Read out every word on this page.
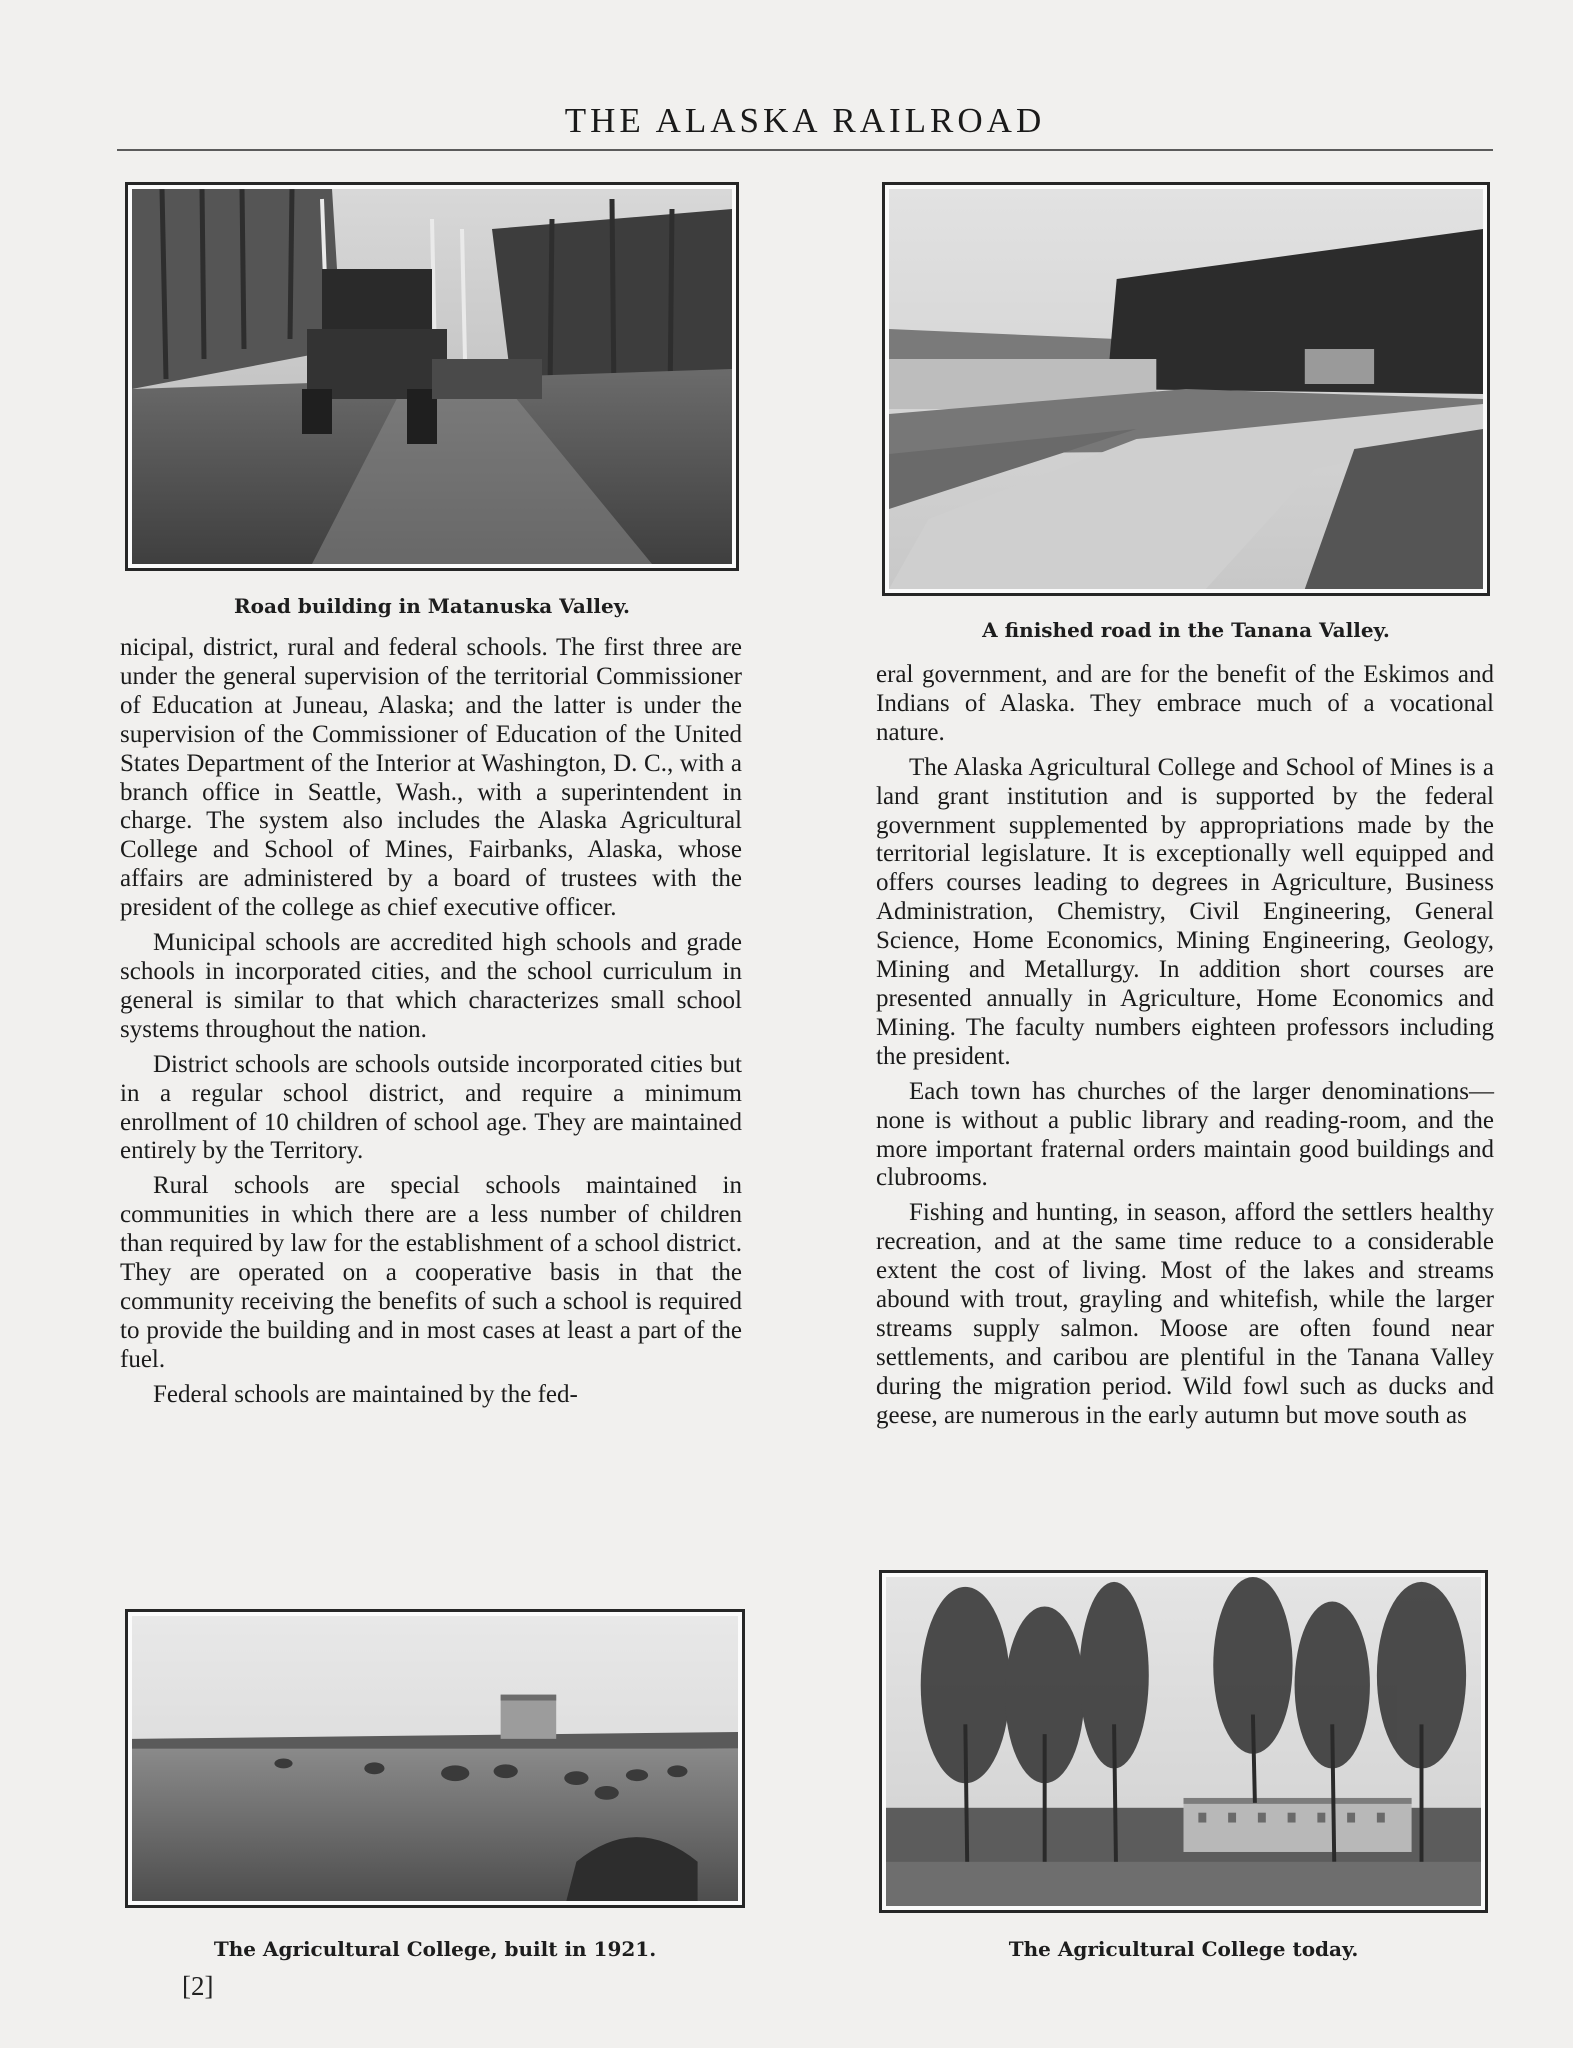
THE ALASKA RAILROAD
Road building in Matanuska Valley.
A finished road in the Tanana Valley.

nicipal, district, rural and federal schools. The first three are under the general supervision of the territorial Commissioner of Education at Juneau, Alaska; and the latter is under the supervision of the Commissioner of Education of the United States Department of the Interior at Washington, D. C., with a branch office in Seattle, Wash., with a superintendent in charge. The system also includes the Alaska Agricultural College and School of Mines, Fairbanks, Alaska, whose affairs are administered by a board of trustees with the president of the college as chief executive officer.

Municipal schools are accredited high schools and grade schools in incorporated cities, and the school curriculum in general is similar to that which characterizes small school systems throughout the nation.

District schools are schools outside incorporated cities but in a regular school district, and require a minimum enrollment of 10 children of school age. They are maintained entirely by the Territory.

Rural schools are special schools maintained in communities in which there are a less number of children than required by law for the establishment of a school district. They are operated on a cooperative basis in that the community receiving the benefits of such a school is required to provide the building and in most cases at least a part of the fuel.

Federal schools are maintained by the fed-

eral government, and are for the benefit of the Eskimos and Indians of Alaska. They embrace much of a vocational nature.

The Alaska Agricultural College and School of Mines is a land grant institution and is supported by the federal government supplemented by appropriations made by the territorial legislature. It is exceptionally well equipped and offers courses leading to degrees in Agriculture, Business Administration, Chemistry, Civil Engineering, General Science, Home Economics, Mining Engineering, Geology, Mining and Metallurgy. In addition short courses are presented annually in Agriculture, Home Economics and Mining. The faculty numbers eighteen professors including the president.

Each town has churches of the larger denominations—none is without a public library and reading-room, and the more important fraternal orders maintain good buildings and clubrooms.

Fishing and hunting, in season, afford the settlers healthy recreation, and at the same time reduce to a considerable extent the cost of living. Most of the lakes and streams abound with trout, grayling and whitefish, while the larger streams supply salmon. Moose are often found near settlements, and caribou are plentiful in the Tanana Valley during the migration period. Wild fowl such as ducks and geese, are numerous in the early autumn but move south as

The Agricultural College, built in 1921.	The Agricultural College today.
[2]
